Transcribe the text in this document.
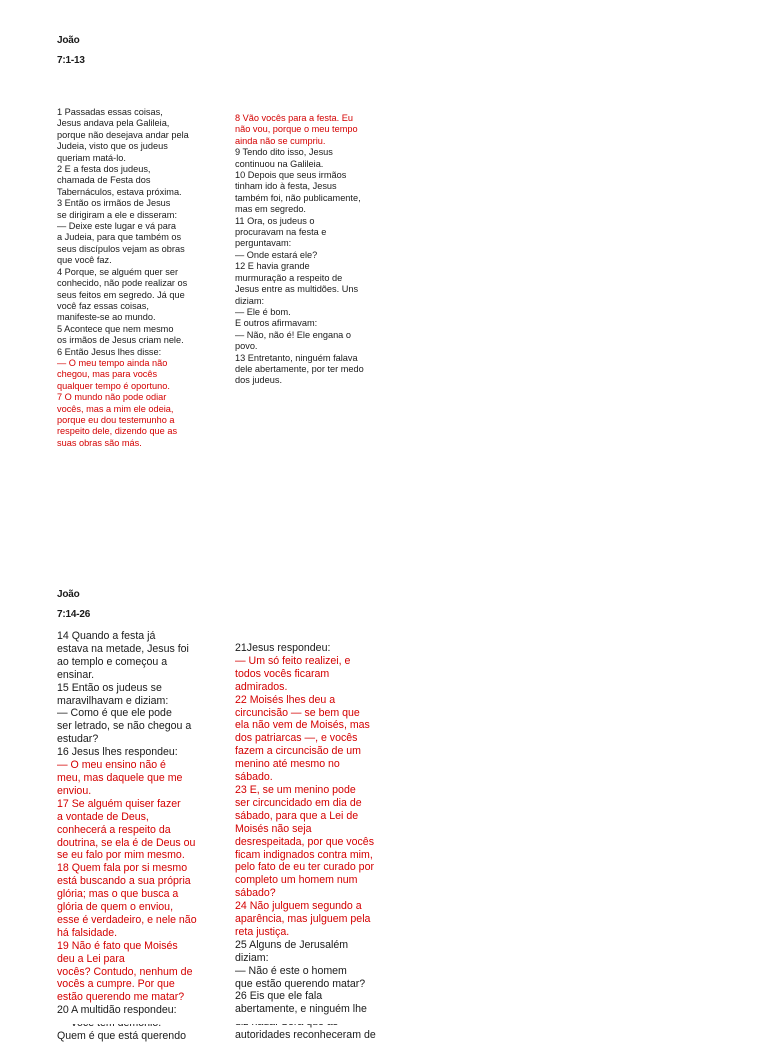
João
7:1-13
1 Passadas essas coisas,
Jesus andava pela Galileia,
porque não desejava andar pela
Judeia, visto que os judeus
queriam matá-lo.
2 E a festa dos judeus,
chamada de Festa dos
Tabernáculos, estava próxima.
3 Então os irmãos de Jesus
se dirigiram a ele e disseram:
— Deixe este lugar e vá para
a Judeia, para que também os
seus discípulos vejam as obras
que você faz.
4 Porque, se alguém quer ser
conhecido, não pode realizar os
seus feitos em segredo. Já que
você faz essas coisas,
manifeste-se ao mundo.
5 Acontece que nem mesmo
os irmãos de Jesus criam nele.
6 Então Jesus lhes disse:
— O meu tempo ainda não
chegou, mas para vocês
qualquer tempo é oportuno.
7 O mundo não pode odiar
vocês, mas a mim ele odeia,
porque eu dou testemunho a
respeito dele, dizendo que as
suas obras são más.
8 Vão vocês para a festa. Eu
não vou, porque o meu tempo
ainda não se cumpriu.
9 Tendo dito isso, Jesus
continuou na Galileia.
10 Depois que seus irmãos
tinham ido à festa, Jesus
também foi, não publicamente,
mas em segredo.
11 Ora, os judeus o
procuravam na festa e
perguntavam:
— Onde estará ele?
12 E havia grande
murmuração a respeito de
Jesus entre as multidões. Uns
diziam:
— Ele é bom.
E outros afirmavam:
— Não, não é! Ele engana o
povo.
13 Entretanto, ninguém falava
dele abertamente, por ter medo
dos judeus.
João
7:14-26
14 Quando a festa já
estava na metade, Jesus foi
ao templo e começou a
ensinar.
15 Então os judeus se
maravilhavam e diziam:
— Como é que ele pode
ser letrado, se não chegou a
estudar?
16 Jesus lhes respondeu:
— O meu ensino não é
meu, mas daquele que me
enviou.
17 Se alguém quiser fazer
a vontade de Deus,
conhecerá a respeito da
doutrina, se ela é de Deus ou
se eu falo por mim mesmo.
18 Quem fala por si mesmo
está buscando a sua própria
glória; mas o que busca a
glória de quem o enviou,
esse é verdadeiro, e nele não
há falsidade.
19 Não é fato que Moisés
deu a Lei para
vocês? Contudo, nenhum de
vocês a cumpre. Por que
estão querendo me matar?
20 A multidão respondeu:

Quem é que está querendo
21Jesus respondeu:
— Um só feito realizei, e
todos vocês ficaram
admirados.
22 Moisés lhes deu a
circuncisão — se bem que
ela não vem de Moisés, mas
dos patriarcas —, e vocês
fazem a circuncisão de um
menino até mesmo no
sábado.
23 E, se um menino pode
ser circuncidado em dia de
sábado, para que a Lei de
Moisés não seja
desrespeitada, por que vocês
ficam indignados contra mim,
pelo fato de eu ter curado por
completo um homem num
sábado?
24 Não julguem segundo a
aparência, mas julguem pela
reta justiça.
25 Alguns de Jerusalém
diziam:
— Não é este o homem
que estão querendo matar?
26 Eis que ele fala
abertamente, e ninguém lhe

autoridades reconheceram de
